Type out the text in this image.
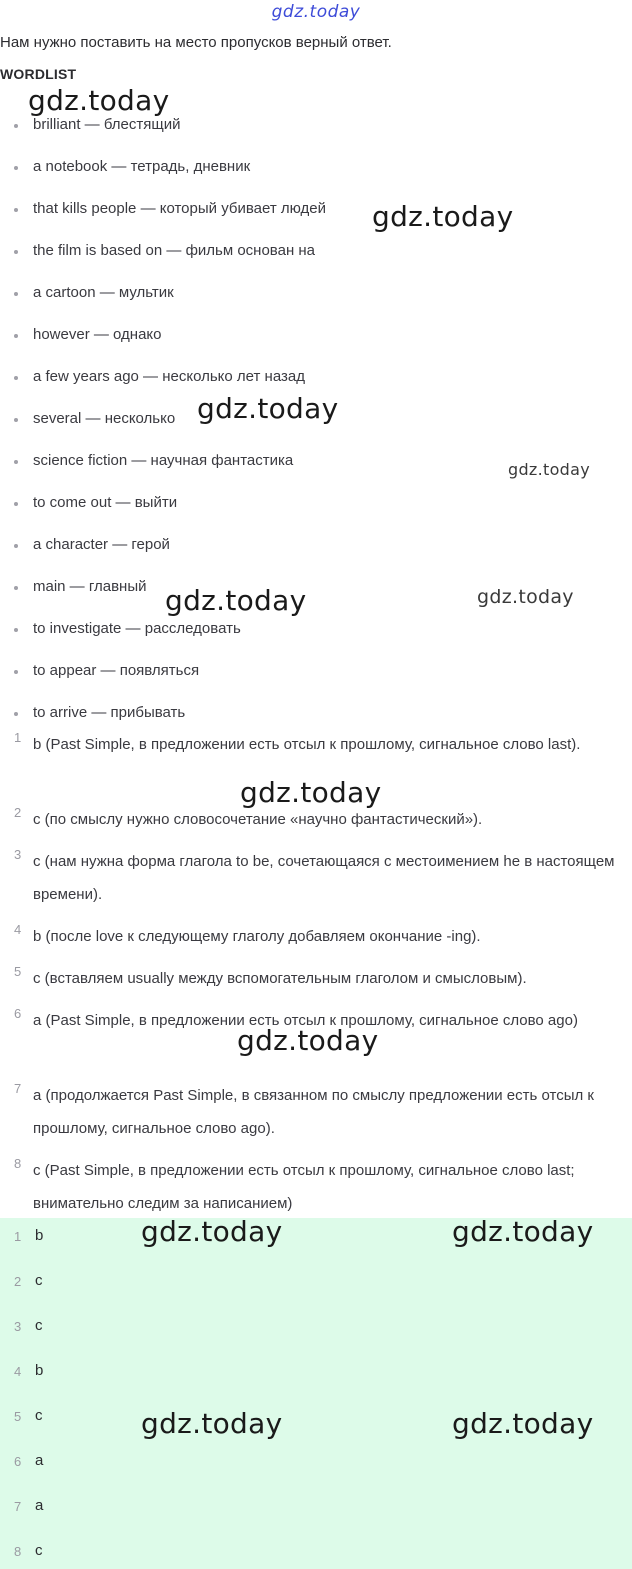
gdz.today
Нам нужно поставить на место пропусков верный ответ.
WORDLIST
brilliant — блестящий
a notebook — тетрадь, дневник
that kills people — который убивает людей
the film is based on — фильм основан на
a cartoon — мультик
however — однако
a few years ago — несколько лет назад
several — несколько
science fiction — научная фантастика
to come out — выйти
a character — герой
main — главный
to investigate — расследовать
to appear — появляться
to arrive — прибывать
1 b (Past Simple, в предложении есть отсыл к прошлому, сигнальное слово last).
2 c (по смыслу нужно словосочетание «научно фантастический»).
3 c (нам нужна форма глагола to be, сочетающаяся с местоимением he в настоящем времени).
4 b (после love к следующему глаголу добавляем окончание -ing).
5 c (вставляем usually между вспомогательным глаголом и смысловым).
6 a (Past Simple, в предложении есть отсыл к прошлому, сигнальное слово ago)
7 a (продолжается Past Simple, в связанном по смыслу предложении есть отсыл к прошлому, сигнальное слово ago).
8 c (Past Simple, в предложении есть отсыл к прошлому, сигнальное слово last; внимательно следим за написанием)
1 b
2 c
3 c
4 b
5 c
6 a
7 a
8 c
gdz.today
gdz.today
gdz.today
gdz.today
gdz.today	gdz.today
gdz.today
gdz.today
gdz.today	gdz.today
gdz.today	gdz.today
